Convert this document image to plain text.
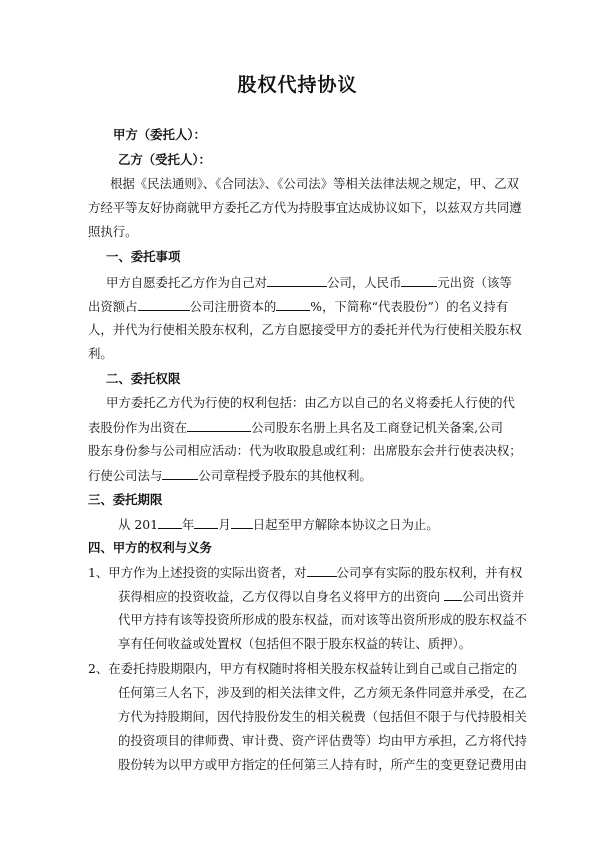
股权代持协议
甲方（委托人）：
乙方（受托人）：
根据《民法通则》、《合同法》、《公司法》等相关法律法规之规定，甲、乙双
方经平等友好协商就甲方委托乙方代为持股事宜达成协议如下，以兹双方共同遵
照执行。
一、委托事项
甲方自愿委托乙方作为自己对	公司，人民币	元出资（该等
出资额占	公司注册资本的	%，下简称“代表股份”）的名义持有
人，并代为行使相关股东权利，乙方自愿接受甲方的委托并代为行使相关股东权
利。
二、委托权限
甲方委托乙方代为行使的权利包括：由乙方以自己的名义将委托人行使的代
表股份作为出资在	公司股东名册上具名及工商登记机关备案,公司
股东身份参与公司相应活动：代为收取股息或红利：出席股东会并行使表决权；
行使公司法与	公司章程授予股东的其他权利。
三、委托期限
从 201 年 月 日起至甲方解除本协议之日为止。
四、甲方的权利与义务
1、甲方作为上述投资的实际出资者，对 公司享有实际的股东权利，并有权
获得相应的投资收益，乙方仅得以自身名义将甲方的出资向 公司出资并
代甲方持有该等投资所形成的股东权益，而对该等出资所形成的股东权益不
享有任何收益或处置权（包括但不限于股东权益的转让、质押）。
2、在委托持股期限内，甲方有权随时将相关股东权益转让到自己或自己指定的
任何第三人名下，涉及到的相关法律文件，乙方须无条件同意并承受，在乙
方代为持股期间，因代持股份发生的相关税费（包括但不限于与代持股相关
的投资项目的律师费、审计费、资产评估费等）均由甲方承担，乙方将代持
股份转为以甲方或甲方指定的任何第三人持有时，所产生的变更登记费用由
